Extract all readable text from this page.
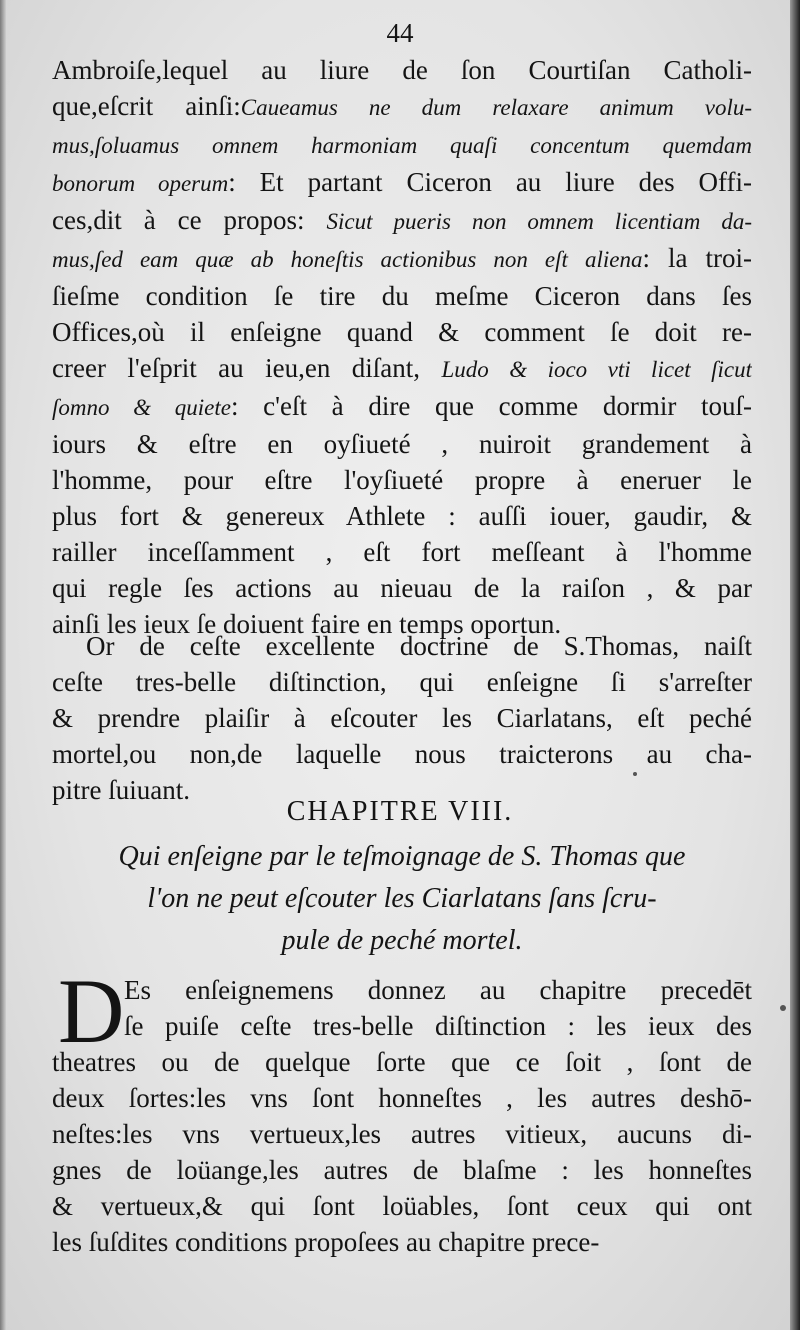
44
Ambroiſe,lequel au liure de ſon Courtiſan Catholi-
que,eſcrit ainſi:Caueamus ne dum relaxare animum volu-
mus,ſoluamus omnem harmoniam quaſi concentum quemdam
bonorum operum: Et partant Ciceron au liure des Offi-
ces,dit à ce propos: Sicut pueris non omnem licentiam da-
mus,ſed eam quæ ab honeſtis actionibus non eſt aliena: la troi-
ſieſme condition ſe tire du meſme Ciceron dans ſes
Offices,où il enſeigne quand & comment ſe doit re-
creer l'eſprit au ieu,en diſant, Ludo & ioco vti licet ſicut
ſomno & quiete: c'eſt à dire que comme dormir touſ-
iours & eſtre en oyſiueté , nuiroit grandement à
l'homme, pour eſtre l'oyſiueté propre à eneruer le
plus fort & genereux Athlete : auſſi iouer, gaudir, &
railler inceſſamment , eſt fort meſſeant à l'homme
qui regle ſes actions au nieuau de la raiſon , & par
ainſi les ieux ſe doiuent faire en temps oportun.
Or de ceſte excellente doctrine de S.Thomas, naiſt
ceſte tres-belle diſtinction, qui enſeigne ſi s'arreſter
& prendre plaiſir à eſcouter les Ciarlatans, eſt peché
mortel,ou non,de laquelle nous traicterons au cha-
pitre ſuiuant.
CHAPITRE VIII.
Qui enſeigne par le teſmoignage de S. Thomas que
l'on ne peut eſcouter les Ciarlatans ſans ſcru-
pule de peché mortel.
D Es enſeignemens donnez au chapitre precedēt
ſe puiſe ceſte tres-belle diſtinction : les ieux des
theatres ou de quelque ſorte que ce ſoit , ſont de
deux ſortes:les vns ſont honneſtes , les autres deshō-
neſtes:les vns vertueux,les autres vitieux, aucuns di-
gnes de loüange,les autres de blaſme : les honneſtes
& vertueux,& qui ſont loüables, ſont ceux qui ont
les ſuſdites conditions propoſees au chapitre prece-
